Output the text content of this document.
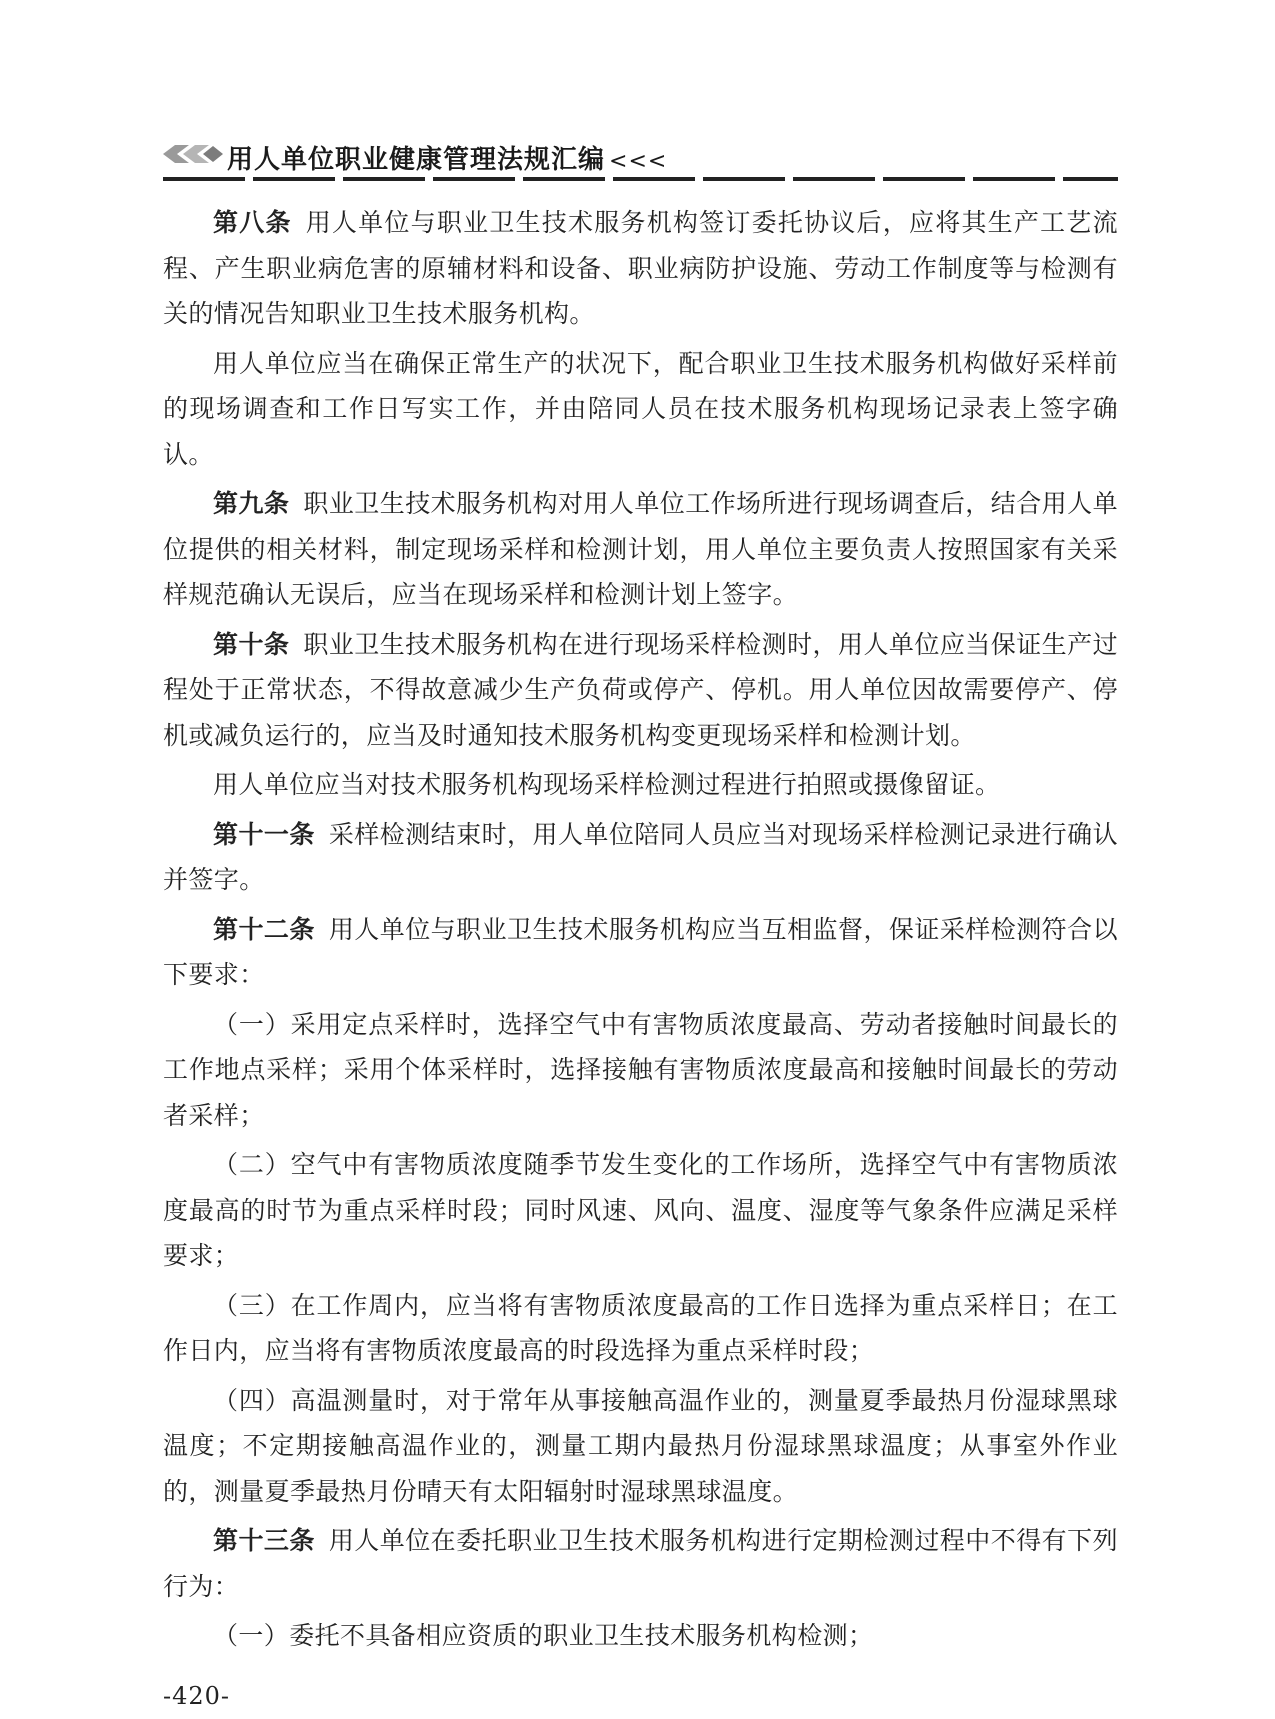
用人单位职业健康管理法规汇编 <<<

第八条 用人单位与职业卫生技术服务机构签订委托协议后，应将其生产工艺流程、产生职业病危害的原辅材料和设备、职业病防护设施、劳动工作制度等与检测有关的情况告知职业卫生技术服务机构。

用人单位应当在确保正常生产的状况下，配合职业卫生技术服务机构做好采样前的现场调查和工作日写实工作，并由陪同人员在技术服务机构现场记录表上签字确认。

第九条 职业卫生技术服务机构对用人单位工作场所进行现场调查后，结合用人单位提供的相关材料，制定现场采样和检测计划，用人单位主要负责人按照国家有关采样规范确认无误后，应当在现场采样和检测计划上签字。

第十条 职业卫生技术服务机构在进行现场采样检测时，用人单位应当保证生产过程处于正常状态，不得故意减少生产负荷或停产、停机。用人单位因故需要停产、停机或减负运行的，应当及时通知技术服务机构变更现场采样和检测计划。

用人单位应当对技术服务机构现场采样检测过程进行拍照或摄像留证。

第十一条 采样检测结束时，用人单位陪同人员应当对现场采样检测记录进行确认并签字。

第十二条 用人单位与职业卫生技术服务机构应当互相监督，保证采样检测符合以下要求：

（一）采用定点采样时，选择空气中有害物质浓度最高、劳动者接触时间最长的工作地点采样；采用个体采样时，选择接触有害物质浓度最高和接触时间最长的劳动者采样；

（二）空气中有害物质浓度随季节发生变化的工作场所，选择空气中有害物质浓度最高的时节为重点采样时段；同时风速、风向、温度、湿度等气象条件应满足采样要求；

（三）在工作周内，应当将有害物质浓度最高的工作日选择为重点采样日；在工作日内，应当将有害物质浓度最高的时段选择为重点采样时段；

（四）高温测量时，对于常年从事接触高温作业的，测量夏季最热月份湿球黑球温度；不定期接触高温作业的，测量工期内最热月份湿球黑球温度；从事室外作业的，测量夏季最热月份晴天有太阳辐射时湿球黑球温度。

第十三条 用人单位在委托职业卫生技术服务机构进行定期检测过程中不得有下列行为：

（一）委托不具备相应资质的职业卫生技术服务机构检测；

-420-
